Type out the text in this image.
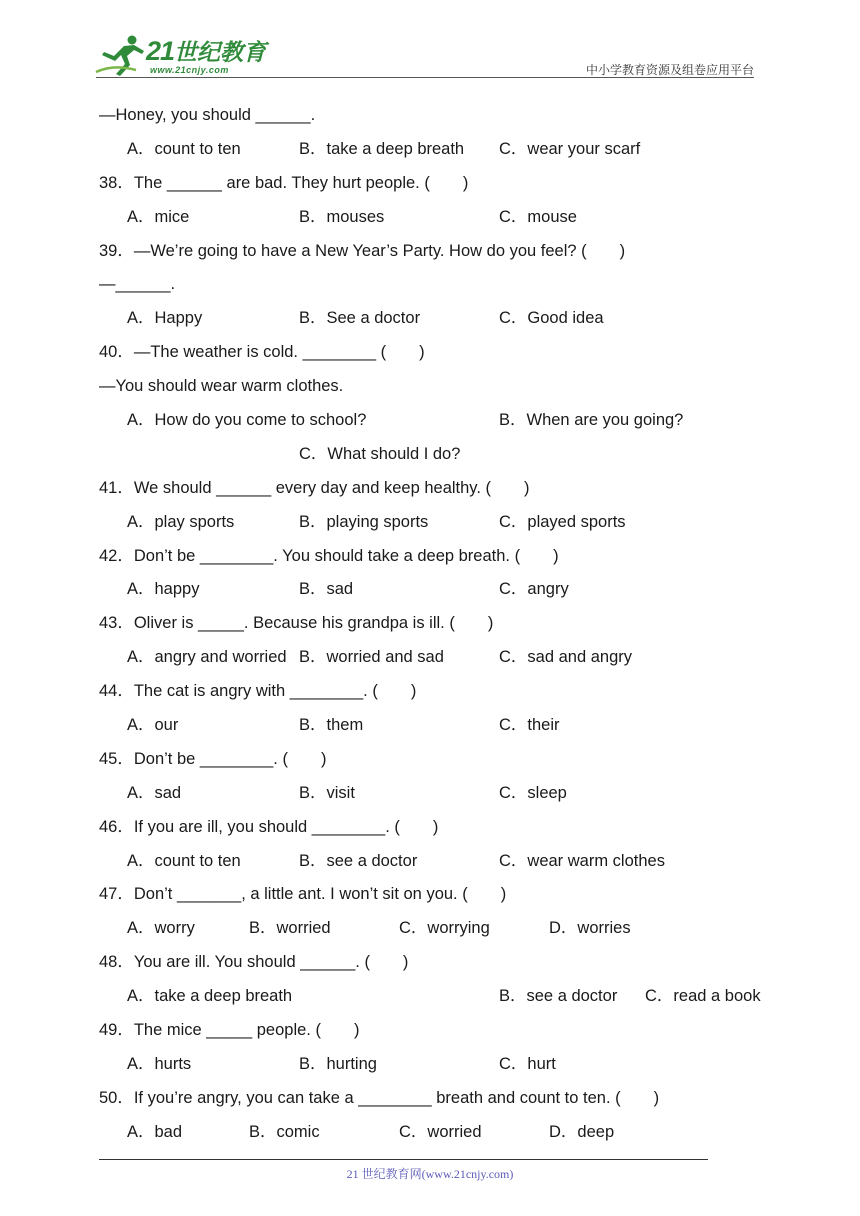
21世纪教育
www.21cnjy.com	中小学教育资源及组卷应用平台
—Honey, you should ______.
A．count to ten	B．take a deep breath C．wear your scarf
38．The ______ are bad. They hurt people. (　　)
A．mice	B．mouses	C．mouse
39．—We’re going to have a New Year’s Party. How do you feel? (　　)
—______.
A．Happy	B．See a doctor	C．Good idea
40．—The weather is cold. ________ (　　)
—You should wear warm clothes.
A．How do you come to school?	B．When are you going?
C．What should I do?
41．We should ______ every day and keep healthy. (　　)
A．play sports	B．playing sports	C．played sports
42．Don’t be ________. You should take a deep breath. (　　)
A．happy	B．sad	C．angry
43．Oliver is _____. Because his grandpa is ill. (　　)
A．angry and worried B．worried and sad	C．sad and angry
44．The cat is angry with ________. (　　)
A．our	B．them	C．their
45．Don’t be ________. (　　)
A．sad	B．visit	C．sleep
46．If you are ill, you should ________. (　　)
A．count to ten	B．see a doctor	C．wear warm clothes
47．Don’t _______, a little ant. I won’t sit on you. (　　)
A．worry	B．worried	C．worrying	D．worries
48．You are ill. You should ______. (　　)
A．take a deep breath	B．see a doctor C．read a book
49．The mice _____ people. (　　)
A．hurts	B．hurting	C．hurt
50．If you’re angry, you can take a ________ breath and count to ten. (　　)
A．bad	B．comic	C．worried	D．deep
21 世纪教育网(www.21cnjy.com)
